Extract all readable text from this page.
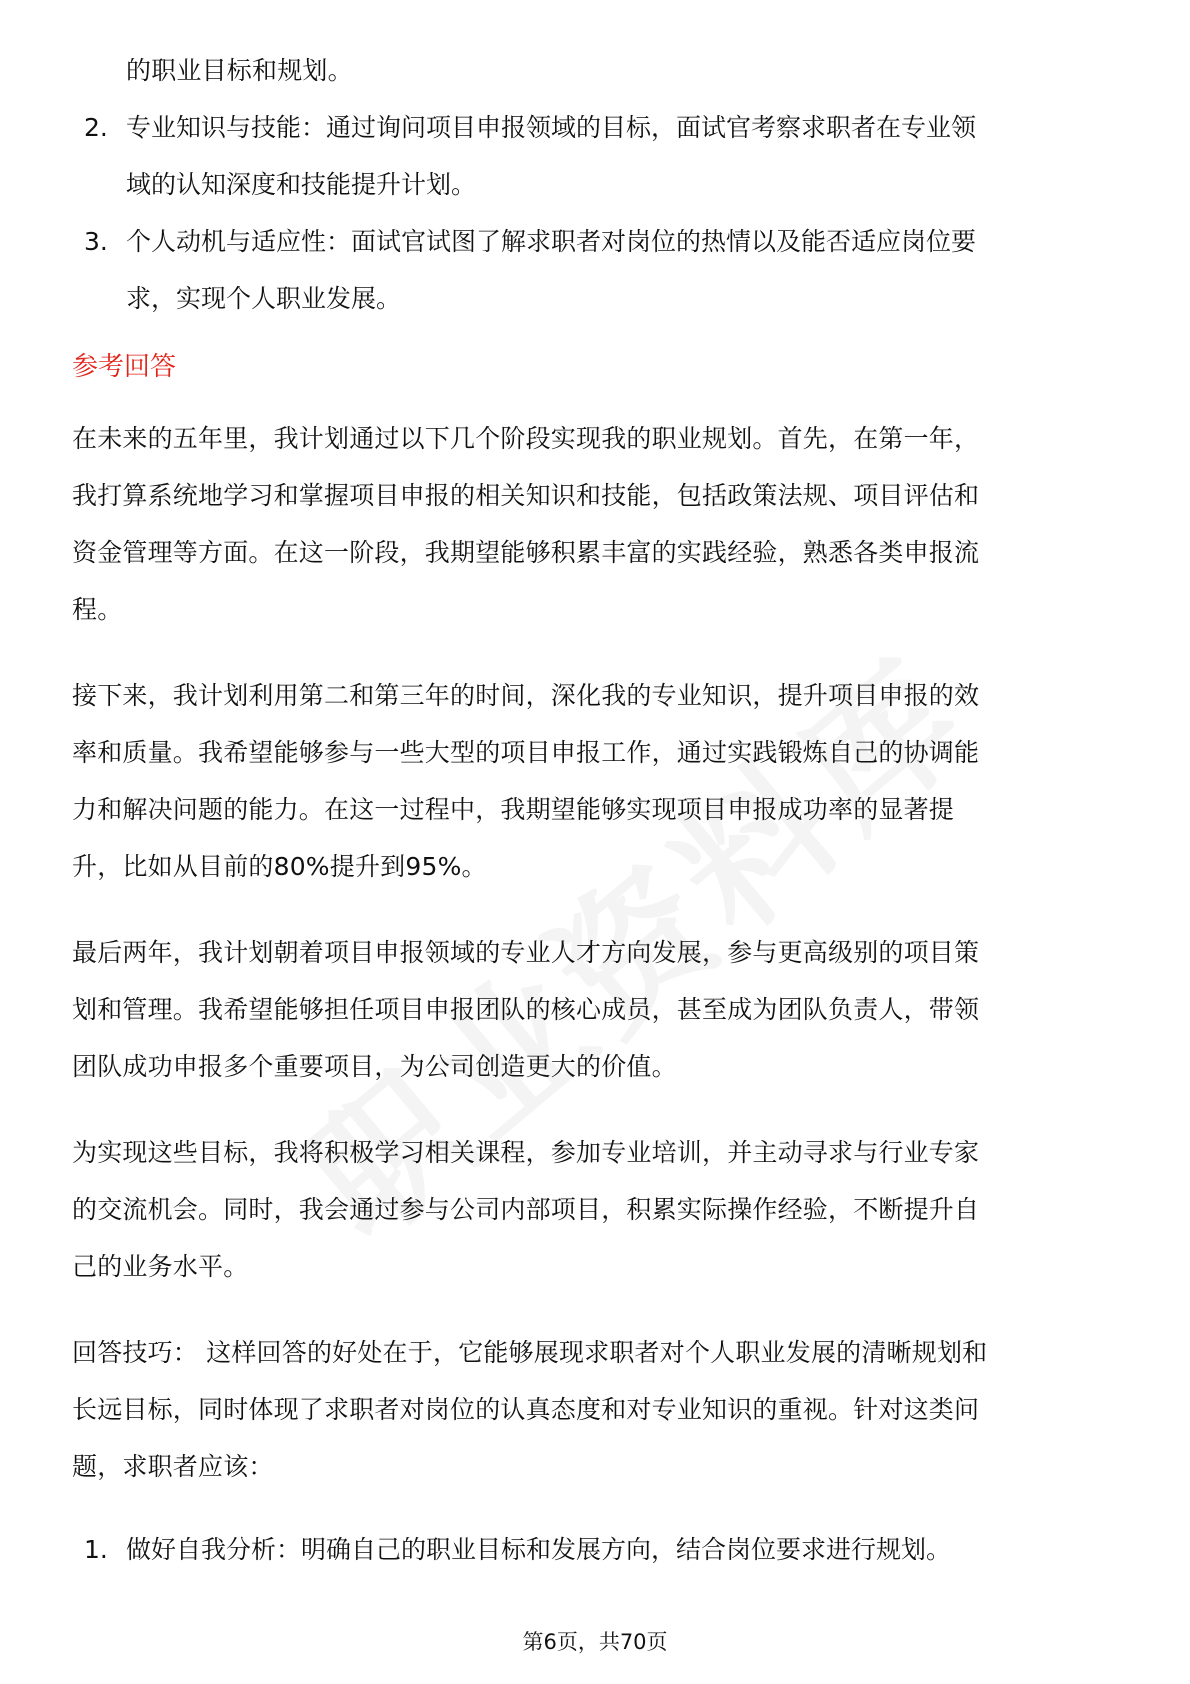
的职业目标和规划。

2. 专业知识与技能：通过询问项目申报领域的目标，面试官考察求职者在专业领
域的认知深度和技能提升计划。
3. 个人动机与适应性：面试官试图了解求职者对岗位的热情以及能否适应岗位要
求，实现个人职业发展。
参考回答
在未来的五年里，我计划通过以下几个阶段实现我的职业规划。首先，在第一年，
我打算系统地学习和掌握项目申报的相关知识和技能，包括政策法规、项目评估和
资金管理等方面。在这一阶段，我期望能够积累丰富的实践经验，熟悉各类申报流
程。
接下来，我计划利用第二和第三年的时间，深化我的专业知识，提升项目申报的效
率和质量。我希望能够参与一些大型的项目申报工作，通过实践锻炼自己的协调能
力和解决问题的能力。在这一过程中，我期望能够实现项目申报成功率的显著提
升，比如从目前的80%提升到95%。
最后两年，我计划朝着项目申报领域的专业人才方向发展，参与更高级别的项目策
划和管理。我希望能够担任项目申报团队的核心成员，甚至成为团队负责人，带领
团队成功申报多个重要项目，为公司创造更大的价值。
为实现这些目标，我将积极学习相关课程，参加专业培训，并主动寻求与行业专家
的交流机会。同时，我会通过参与公司内部项目，积累实际操作经验，不断提升自
己的业务水平。
回答技巧： 这样回答的好处在于，它能够展现求职者对个人职业发展的清晰规划和
长远目标，同时体现了求职者对岗位的认真态度和对专业知识的重视。针对这类问
题，求职者应该：
1. 做好自我分析：明确自己的职业目标和发展方向，结合岗位要求进行规划。
第6页，共70页
